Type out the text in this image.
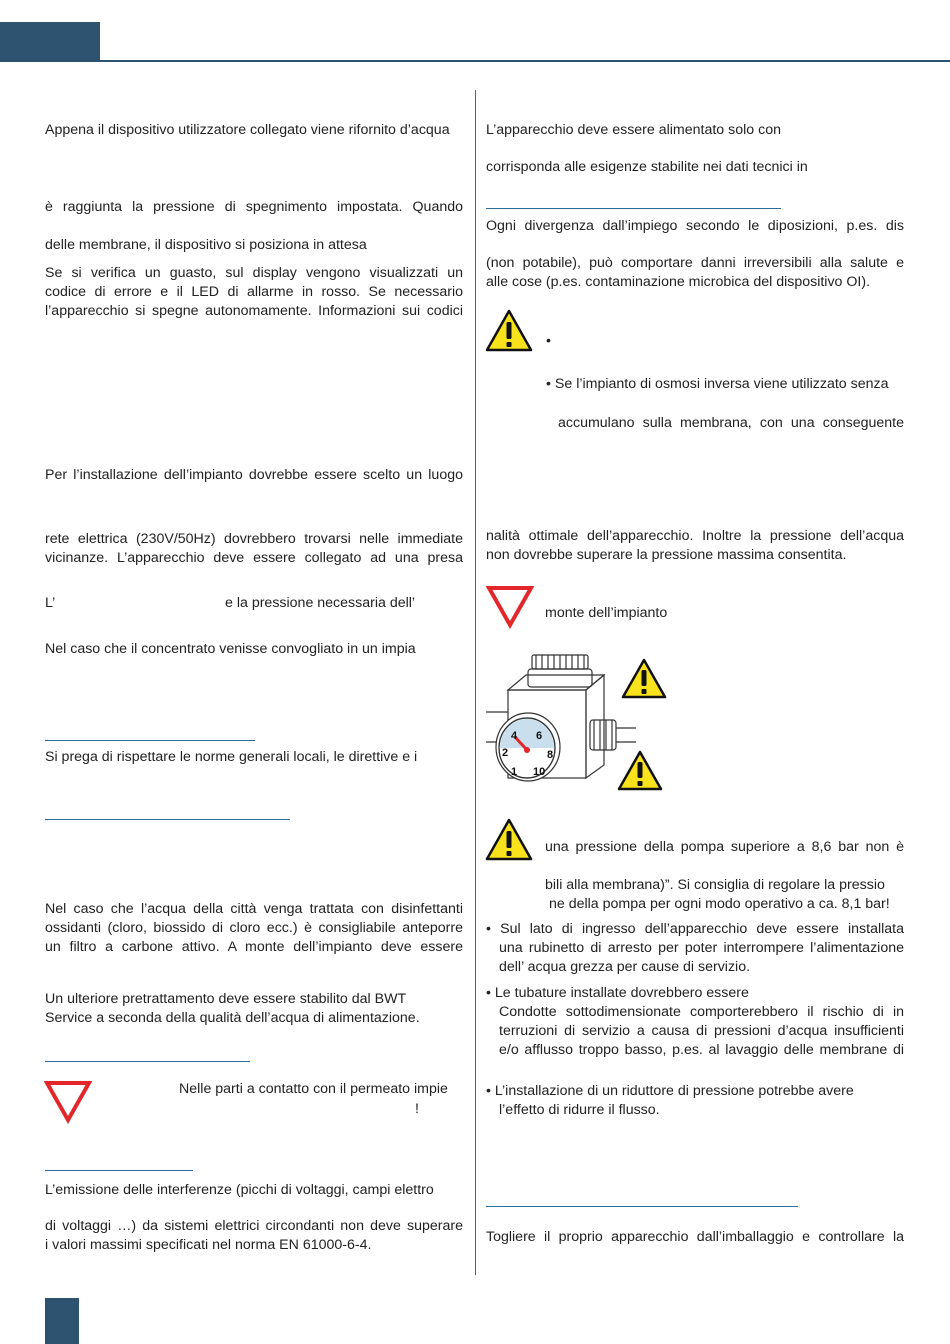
Appena il dispositivo utilizzatore collegato viene rifornito d’acqua

è raggiunta la pressione di spegnimento impostata. Quando

delle membrane, il dispositivo si posiziona in attesa

Se si verifica un guasto, sul display vengono visualizzati un

codice di errore e il LED di allarme in rosso. Se necessario

l’apparecchio si spegne autonomamente. Informazioni sui codici

Per l’installazione dell’impianto dovrebbe essere scelto un luogo

rete elettrica (230V/50Hz) dovrebbero trovarsi nelle immediate

vicinanze. L’apparecchio deve essere collegato ad una presa

L’	e la pressione necessaria dell’

Nel caso che il concentrato venisse convogliato in un impia

Si prega di rispettare le norme generali locali, le direttive e i

Nel caso che l’acqua della città venga trattata con disinfettanti

ossidanti (cloro, biossido di cloro ecc.) è consigliabile anteporre

un filtro a carbone attivo. A monte dell’impianto deve essere

Un ulteriore pretrattamento deve essere stabilito dal BWT

Service a seconda della qualità dell’acqua di alimentazione.

Nelle parti a contatto con il permeato impie

!

L’emissione delle interferenze (picchi di voltaggi, campi elettro

di voltaggi …) da sistemi elettrici circondanti non deve superare

i valori massimi specificati nel norma EN 61000-6-4.

L’apparecchio deve essere alimentato solo con

corrisponda alle esigenze stabilite nei dati tecnici in

Ogni divergenza dall’impiego secondo le diposizioni, p.es. dis

(non potabile), può comportare danni irreversibili alla salute e

alle cose (p.es. contaminazione microbica del dispositivo OI).

•

• Se l’impianto di osmosi inversa viene utilizzato senza

accumulano sulla membrana, con una conseguente

nalità ottimale dell’apparecchio. Inoltre la pressione dell’acqua

non dovrebbe superare la pressione massima consentita.

monte dell’impianto

4 6
2	8
1 10

una pressione della pompa superiore a 8,6 bar non è

bili alla membrana)”. Si consiglia di regolare la pressio

ne della pompa per ogni modo operativo a ca. 8,1 bar!

• Sul lato di ingresso dell’apparecchio deve essere installata

una rubinetto di arresto per poter interrompere l’alimentazione

dell’ acqua grezza per cause di servizio.

• Le tubature installate dovrebbero essere

Condotte sottodimensionate comporterebbero il rischio di in

terruzioni di servizio a causa di pressioni d’acqua insufficienti

e/o afflusso troppo basso, p.es. al lavaggio delle membrane di

• L’installazione di un riduttore di pressione potrebbe avere

l’effetto di ridurre il flusso.

Togliere il proprio apparecchio dall’imballaggio e controllare la
